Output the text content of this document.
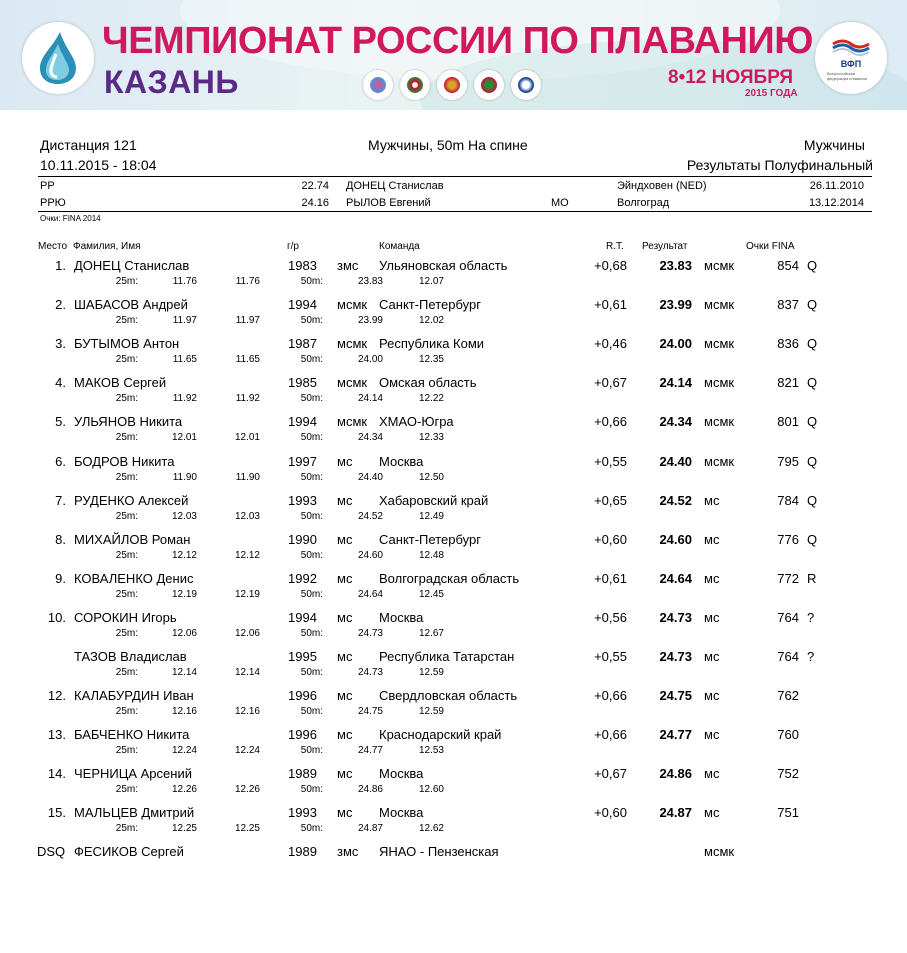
ЧЕМПИОНАТ РОССИИ ПО ПЛАВАНИЮ
КАЗАНЬ	8•12 НОЯБРЯ
2015 ГОДА
ВФП
Всероссийская федерация плавания
Дистанция 121
10.11.2015 - 18:04
Мужчины, 50m На спине	Мужчины
Результаты Полуфинальный
РР	22.74 ДОНЕЦ Станислав	Эйндховен (NED)	26.11.2010
РРЮ	24.16 РЫЛОВ Евгений	МО	Волгоград	13.12.2014
Очки: FINA 2014
Место Фамилия, Имя	г/р	Команда	R.T. Результат	Очки FINA
1. ДОНЕЦ Станислав	1983 змс Ульяновская область	+0,68 23.83 мсмк	854 Q
25m:	11.76	11.76	50m:	23.83	12.07
2. ШАБАСОВ Андрей	1994 мсмк Санкт-Петербург	+0,61 23.99 мсмк	837 Q
25m:	11.97	11.97	50m:	23.99	12.02
3. БУТЫМОВ Антон	1987 мсмк Республика Коми	+0,46 24.00 мсмк	836 Q
25m:	11.65	11.65	50m:	24.00	12.35
4. МАКОВ Сергей	1985 мсмк Омская область	+0,67 24.14 мсмк	821 Q
25m:	11.92	11.92	50m:	24.14	12.22
5. УЛЬЯНОВ Никита	1994 мсмк ХМАО-Югра	+0,66 24.34 мсмк	801 Q
25m:	12.01	12.01	50m:	24.34	12.33
6. БОДРОВ Никита	1997 мс Москва	+0,55 24.40 мсмк	795 Q
25m:	11.90	11.90	50m:	24.40	12.50
7. РУДЕНКО Алексей	1993 мс Хабаровский край	+0,65 24.52 мс	784 Q
25m:	12.03	12.03	50m:	24.52	12.49
8. МИХАЙЛОВ Роман	1990 мс Санкт-Петербург	+0,60 24.60 мс	776 Q
25m:	12.12	12.12	50m:	24.60	12.48
9. КОВАЛЕНКО Денис	1992 мс Волгоградская область	+0,61 24.64 мс	772 R
25m:	12.19	12.19	50m:	24.64	12.45
10. СОРОКИН Игорь	1994 мс Москва	+0,56 24.73 мс	764 ?
25m:	12.06	12.06	50m:	24.73	12.67
ТАЗОВ Владислав	1995 мс Республика Татарстан	+0,55 24.73 мс	764 ?
25m:	12.14	12.14	50m:	24.73	12.59
12. КАЛАБУРДИН Иван	1996 мс Свердловская область	+0,66 24.75 мс	762
25m:	12.16	12.16	50m:	24.75	12.59
13. БАБЧЕНКО Никита	1996 мс Краснодарский край	+0,66 24.77 мс	760
25m:	12.24	12.24	50m:	24.77	12.53
14. ЧЕРНИЦА Арсений	1989 мс Москва	+0,67 24.86 мс	752
25m:	12.26	12.26	50m:	24.86	12.60
15. МАЛЬЦЕВ Дмитрий	1993 мс Москва	+0,60 24.87 мс	751
25m:	12.25	12.25	50m:	24.87	12.62
DSQ ФЕСИКОВ Сергей	1989 змс ЯНАО - Пензенская	мсмк
